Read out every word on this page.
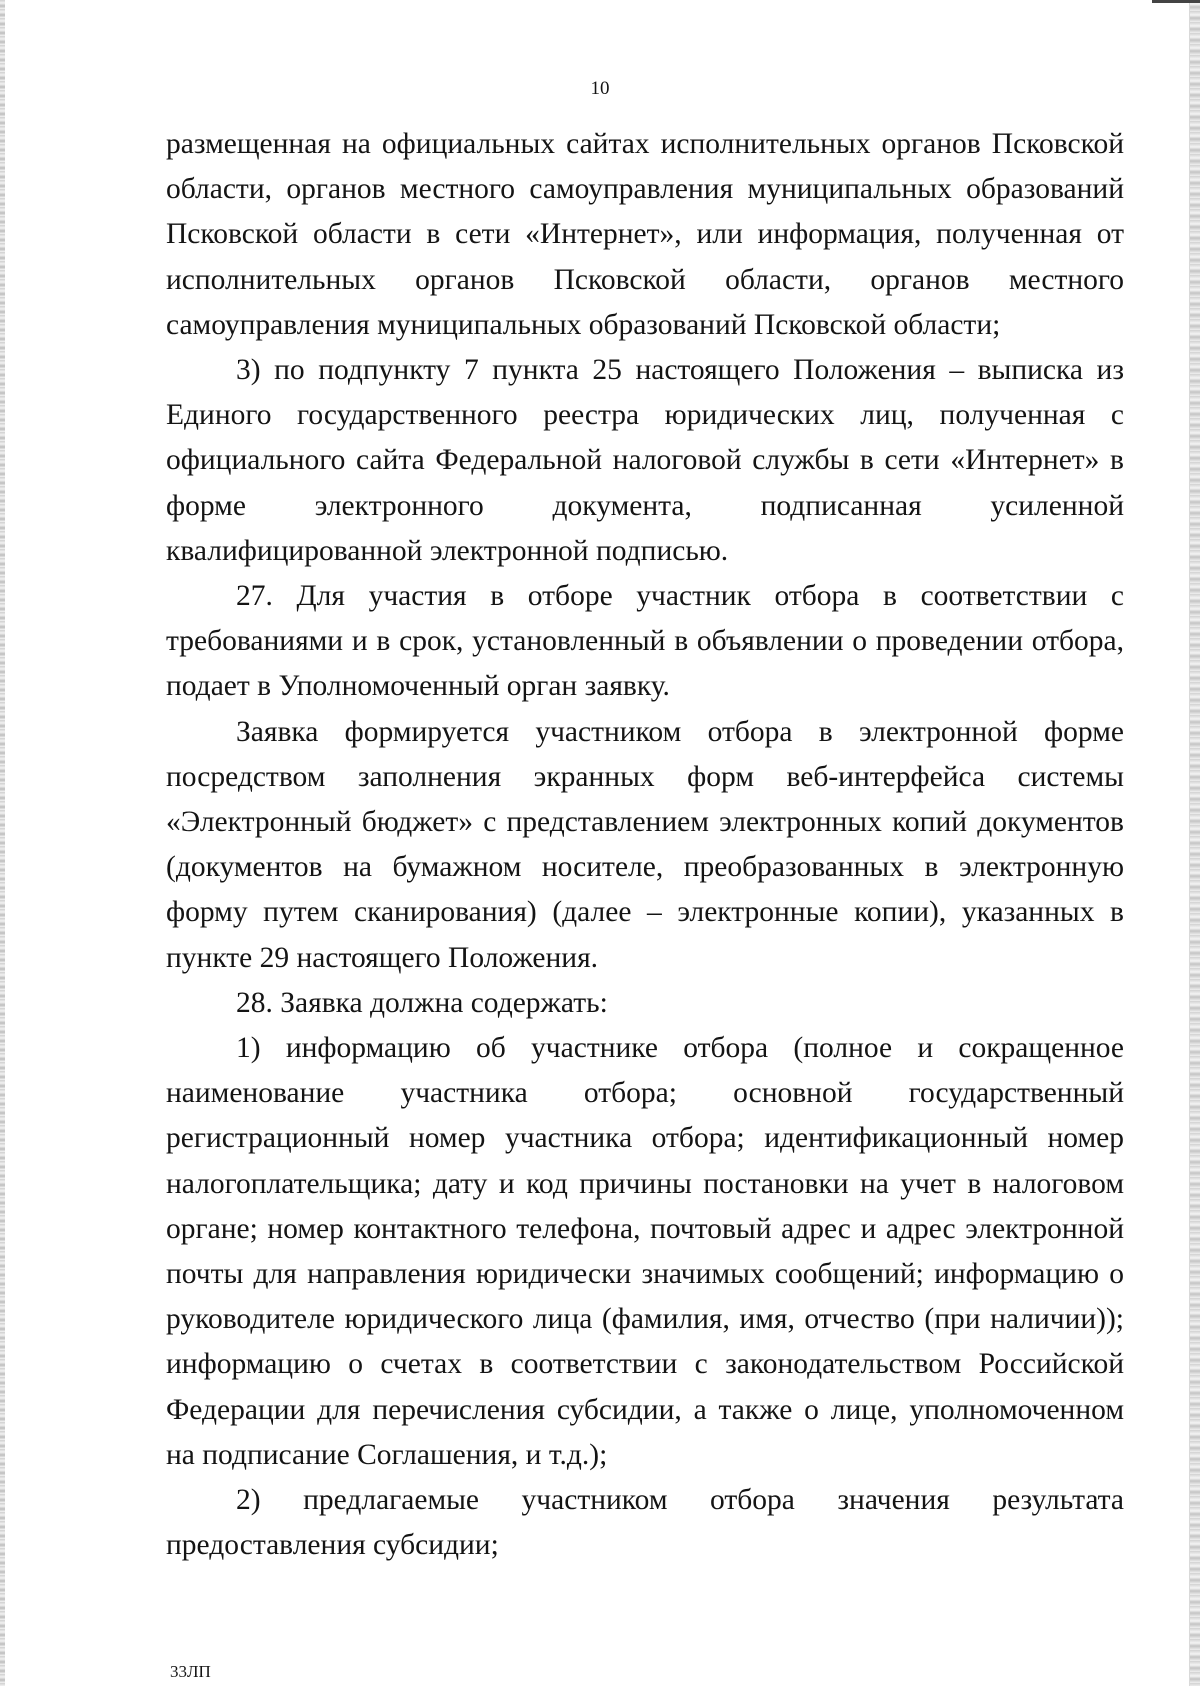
10

размещенная на официальных сайтах исполнительных органов Псковской области, органов местного самоуправления муниципальных образований Псковской области в сети «Интернет», или информация, полученная от исполнительных органов Псковской области, органов местного самоуправления муниципальных образований Псковской области;

3) по подпункту 7 пункта 25 настоящего Положения – выписка из Единого государственного реестра юридических лиц, полученная с официального сайта Федеральной налоговой службы в сети «Интернет» в форме электронного документа, подписанная усиленной квалифицированной электронной подписью.

27. Для участия в отборе участник отбора в соответствии с требованиями и в срок, установленный в объявлении о проведении отбора, подает в Уполномоченный орган заявку.

Заявка формируется участником отбора в электронной форме посредством заполнения экранных форм веб-интерфейса системы «Электронный бюджет» с представлением электронных копий документов (документов на бумажном носителе, преобразованных в электронную форму путем сканирования) (далее – электронные копии), указанных в пункте 29 настоящего Положения.

28. Заявка должна содержать:

1) информацию об участнике отбора (полное и сокращенное наименование участника отбора; основной государственный регистрационный номер участника отбора; идентификационный номер налогоплательщика; дату и код причины постановки на учет в налоговом органе; номер контактного телефона, почтовый адрес и адрес электронной почты для направления юридически значимых сообщений; информацию о руководителе юридического лица (фамилия, имя, отчество (при наличии)); информацию о счетах в соответствии с законодательством Российской Федерации для перечисления субсидии, а также о лице, уполномоченном на подписание Соглашения, и т.д.);

2) предлагаемые участником отбора значения результата предоставления субсидии;

33ЛП
